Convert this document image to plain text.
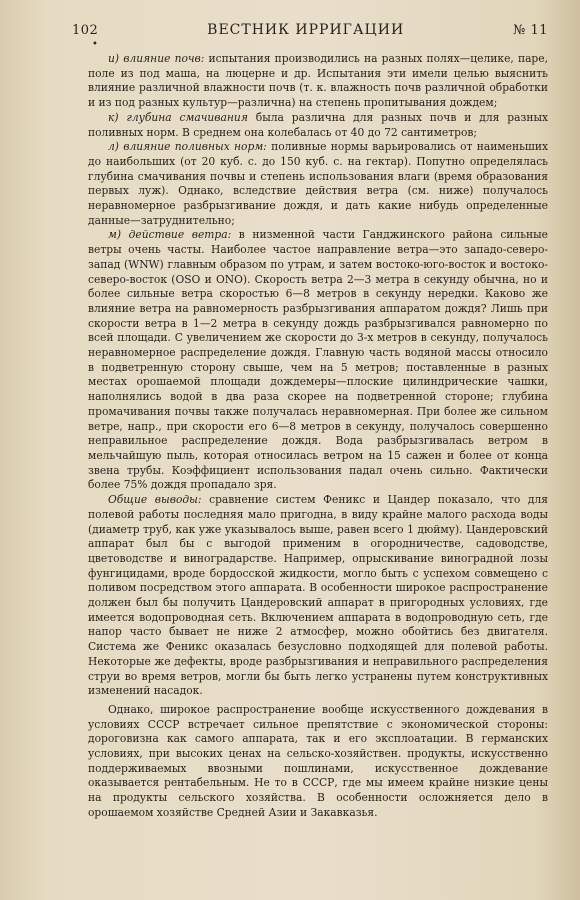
102	ВЕСТНИК ИРРИГАЦИИ	№ 11
•

и) влияние почв: испытания производились на разных полях—целике, паре, поле из под маша, на люцерне и др. Испытания эти имели целью выяснить влияние различной влажности почв (т. к. влажность почв различной обработки и из под разных культур—различна) на степень пропитывания дождем;

к) глубина смачивания была различна для разных почв и для разных поливных норм. В среднем она колебалась от 40 до 72 сантиметров;

л) влияние поливных норм: поливные нормы варьировались от наименьших до наибольших (от 20 куб. с. до 150 куб. с. на гектар). Попутно определялась глубина смачивания почвы и степень использования влаги (время образования первых луж). Однако, вследствие действия ветра (см. ниже) получалось неравномерное разбрызгивание дождя, и дать какие нибудь определенные данные—затруднительно;

м) действие ветра: в низменной части Ганджинского района сильные ветры очень часты. Наиболее частое направление ветра—это западо-северо-запад (WNW) главным образом по утрам, и затем востоко-юго-восток и востоко-северо-восток (OSO и ONO). Скорость ветра 2—3 метра в секунду обычна, но и более сильные ветра скоростью 6—8 метров в секунду нередки. Каково же влияние ветра на равномерность разбрызгивания аппаратом дождя? Лишь при скорости ветра в 1—2 метра в секунду дождь разбрызгивался равномерно по всей площади. С увеличением же скорости до 3-х метров в секунду, получалось неравномерное распределение дождя. Главную часть водяной массы относило в подветренную сторону свыше, чем на 5 метров; поставленные в разных местах орошаемой площади дождемеры—плоские цилиндрические чашки, наполнялись водой в два раза скорее на подветренной стороне; глубина промачивания почвы также получалась неравномерная. При более же сильном ветре, напр., при скорости его 6—8 метров в секунду, получалось совершенно неправильное распределение дождя. Вода разбрызгивалась ветром в мельчайшую пыль, которая относилась ветром на 15 сажен и более от конца звена трубы. Коэффициент использования падал очень сильно. Фактически более 75% дождя пропадало зря.

Общие выводы: сравнение систем Феникс и Цандер показало, что для полевой работы последняя мало пригодна, в виду крайне малого расхода воды (диаметр труб, как уже указывалось выше, равен всего 1 дюйму). Цандеровский аппарат был бы с выгодой применим в огородничестве, садоводстве, цветоводстве и виноградарстве. Например, опрыскивание виноградной лозы фунгицидами, вроде бордосской жидкости, могло быть с успехом совмещено с поливом посредством этого аппарата. В особенности широкое распространение должен был бы получить Цандеровский аппарат в пригородных условиях, где имеется водопроводная сеть. Включением аппарата в водопроводную сеть, где напор часто бывает не ниже 2 атмосфер, можно обойтись без двигателя. Система же Феникс оказалась безусловно подходящей для полевой работы. Некоторые же дефекты, вроде разбрызгивания и неправильного распределения струи во время ветров, могли бы быть легко устранены путем конструктивных изменений насадок.

Однако, широкое распространение вообще искусственного дождевания в условиях СССР встречает сильное препятствие с экономической стороны: дороговизна как самого аппарата, так и его эксплоатации. В германских условиях, при высоких ценах на сельско-хозяйствен. продукты, искусственно поддерживаемых ввозными пошлинами, искусственное дождевание оказывается рентабельным. Не то в СССР, где мы имеем крайне низкие цены на продукты сельского хозяйства. В особенности осложняется дело в орошаемом хозяйстве Средней Азии и Закавказья.
